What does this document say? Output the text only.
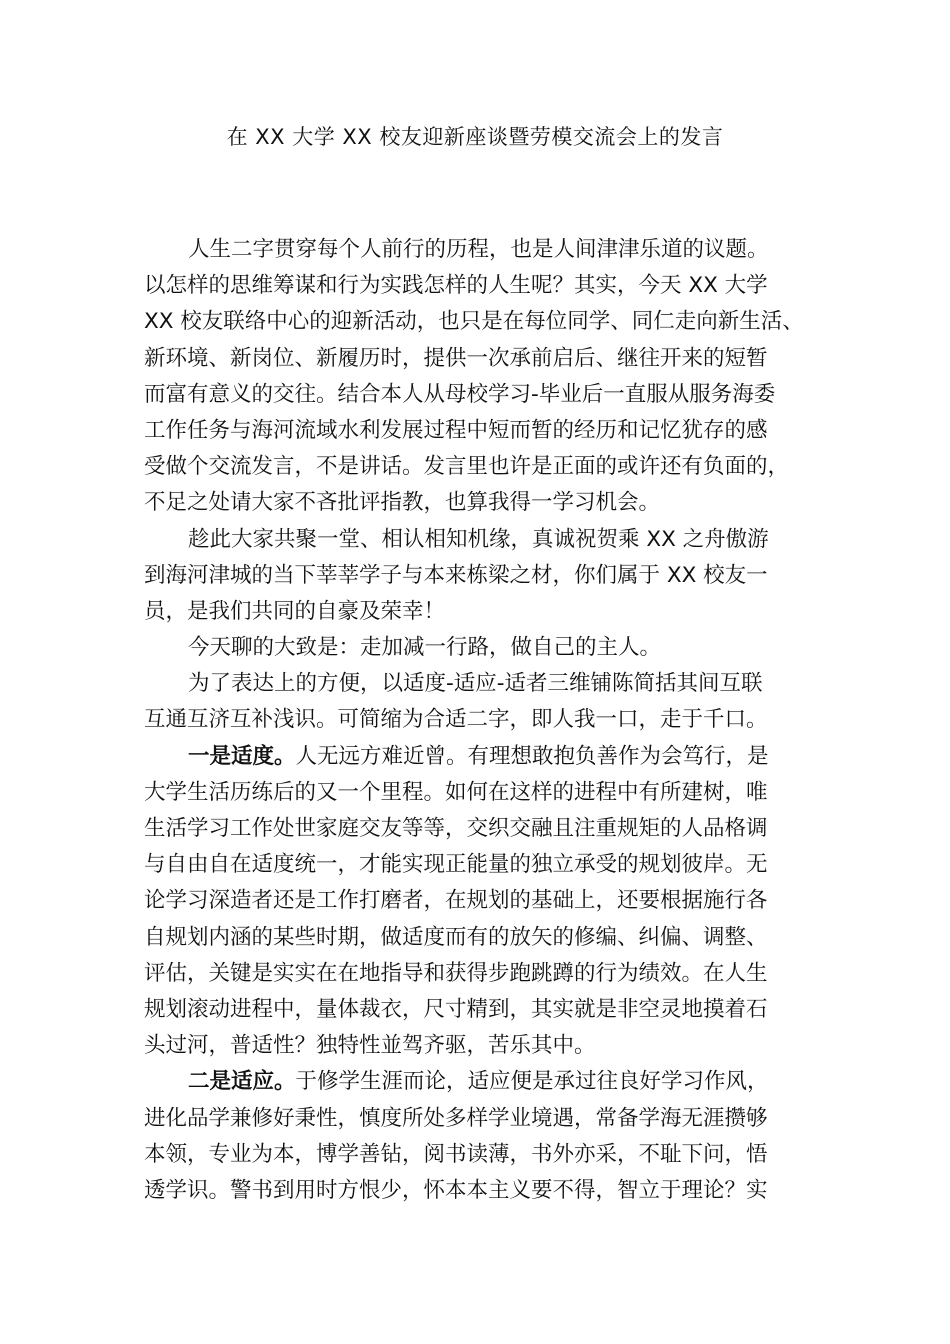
在 XX 大学 XX 校友迎新座谈暨劳模交流会上的发言
人生二字贯穿每个人前行的历程，也是人间津津乐道的议题。
以怎样的思维筹谋和行为实践怎样的人生呢？其实，今天 XX 大学
XX 校友联络中心的迎新活动，也只是在每位同学、同仁走向新生活、
新环境、新岗位、新履历时，提供一次承前启后、继往开来的短暂
而富有意义的交往。结合本人从母校学习-毕业后一直服从服务海委
工作任务与海河流域水利发展过程中短而暂的经历和记忆犹存的感
受做个交流发言，不是讲话。发言里也许是正面的或许还有负面的，
不足之处请大家不吝批评指教，也算我得一学习机会。
趁此大家共聚一堂、相认相知机缘，真诚祝贺乘 XX 之舟傲游
到海河津城的当下莘莘学子与本来栋梁之材，你们属于 XX 校友一
员，是我们共同的自豪及荣幸！
今天聊的大致是：走加减一行路，做自己的主人。
为了表达上的方便，以适度-适应-适者三维铺陈简括其间互联
互通互济互补浅识。可简缩为合适二字，即人我一口，走于千口。
一是适度。人无远方难近曾。有理想敢抱负善作为会笃行，是
大学生活历练后的又一个里程。如何在这样的进程中有所建树，唯
生活学习工作处世家庭交友等等，交织交融且注重规矩的人品格调
与自由自在适度统一，才能实现正能量的独立承受的规划彼岸。无
论学习深造者还是工作打磨者，在规划的基础上，还要根据施行各
自规划内涵的某些时期，做适度而有的放矢的修编、纠偏、调整、
评估，关键是实实在在地指导和获得步跑跳蹲的行为绩效。在人生
规划滚动进程中，量体裁衣，尺寸精到，其实就是非空灵地摸着石
头过河，普适性？独特性並驾齐驱，苦乐其中。
二是适应。于修学生涯而论，适应便是承过往良好学习作风，
进化品学兼修好秉性，慎度所处多样学业境遇，常备学海无涯攒够
本领，专业为本，博学善钻，阅书读薄，书外亦采，不耻下问，悟
透学识。警书到用时方恨少，怀本本主义要不得，智立于理论？实
